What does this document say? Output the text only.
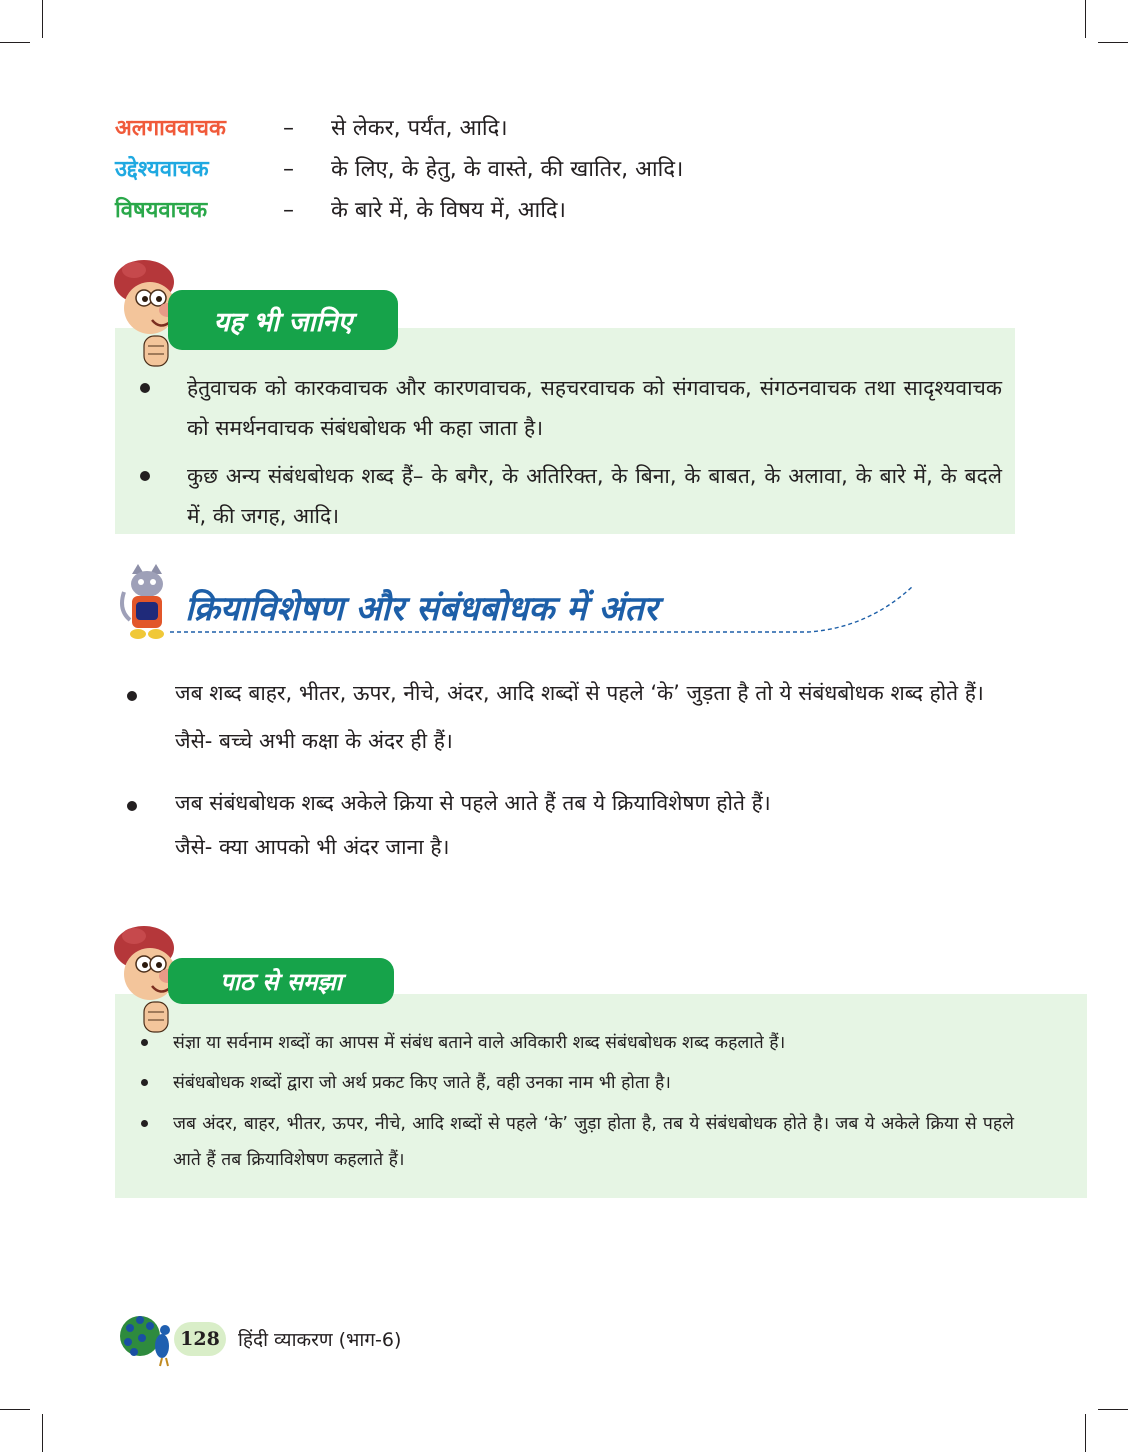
अलगाववाचक	–	से लेकर, पर्यंत, आदि।
उद्देश्यवाचक	–	के लिए, के हेतु, के वास्ते, की खातिर, आदि।
विषयवाचक	–	के बारे में, के विषय में, आदि।
यह भी जानिए
हेतुवाचक को कारकवाचक और कारणवाचक, सहचरवाचक को संगवाचक, संगठनवाचक तथा सादृश्यवाचक को समर्थनवाचक संबंधबोधक भी कहा जाता है।
कुछ अन्य संबंधबोधक शब्द हैं– के बगैर, के अतिरिक्त, के बिना, के बाबत, के अलावा, के बारे में, के बदले में, की जगह, आदि।
क्रियाविशेषण और संबंधबोधक में अंतर
जब शब्द बाहर, भीतर, ऊपर, नीचे, अंदर, आदि शब्दों से पहले ‘के’ जुड़ता है तो ये संबंधबोधक शब्द होते हैं।
जैसे- बच्चे अभी कक्षा के अंदर ही हैं।
जब संबंधबोधक शब्द अकेले क्रिया से पहले आते हैं तब ये क्रियाविशेषण होते हैं।
जैसे- क्या आपको भी अंदर जाना है।
पाठ से समझा
संज्ञा या सर्वनाम शब्दों का आपस में संबंध बताने वाले अविकारी शब्द संबंधबोधक शब्द कहलाते हैं।
संबंधबोधक शब्दों द्वारा जो अर्थ प्रकट किए जाते हैं, वही उनका नाम भी होता है।
जब अंदर, बाहर, भीतर, ऊपर, नीचे, आदि शब्दों से पहले ‘के’ जुड़ा होता है, तब ये संबंधबोधक होते है। जब ये अकेले क्रिया से पहले आते हैं तब क्रियाविशेषण कहलाते हैं।
128 हिंदी व्याकरण (भाग-6)
